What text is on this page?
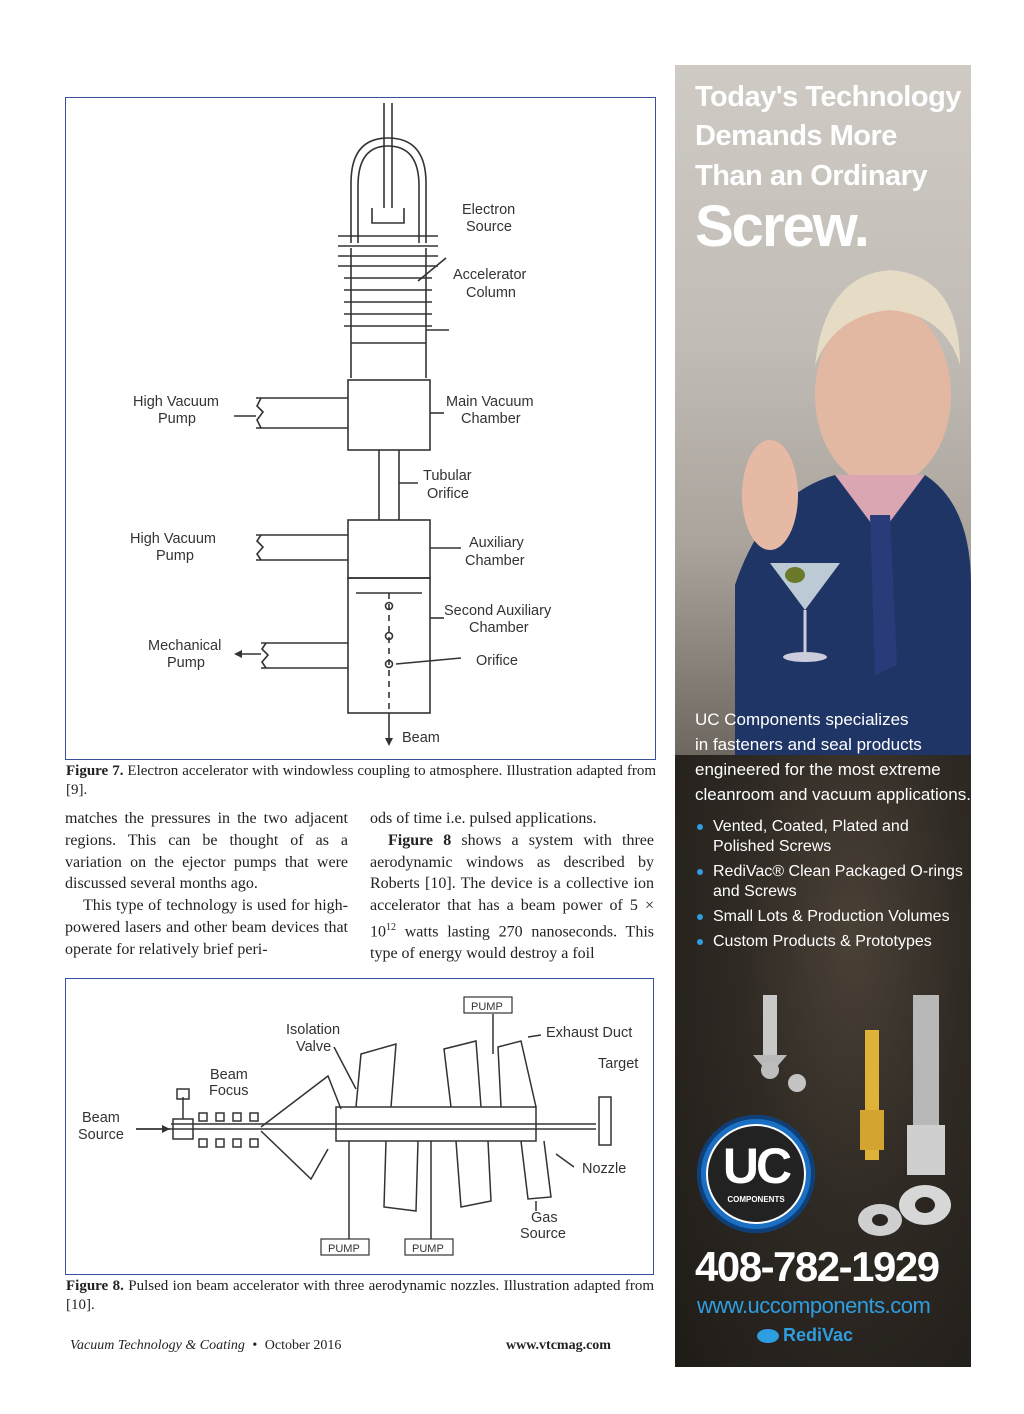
Electron
Source
Accelerator
Column
High Vacuum
Pump
Main Vacuum
Chamber
Tubular
Orifice
High Vacuum
Pump
Auxiliary
Chamber
Second Auxiliary
Chamber
Mechanical
Pump	Orifice
Beam
Figure 7. Electron accelerator with windowless coupling to atmosphere. Illustration adapted from [9].

matches the pressures in the two adjacent regions. This can be thought of as a variation on the ejector pumps that were discussed several months ago.

This type of technology is used for high-powered lasers and other beam devices that operate for relatively brief peri-

ods of time i.e. pulsed applications.

Figure 8 shows a system with three aerodynamic windows as described by Roberts [10]. The device is a collective ion accelerator that has a beam power of $5 \times 10^{12}$ watts lasting 270 nanoseconds. This type of energy would destroy a foil

PUMP
PUMP	PUMP
Isolation
Valve
Exhaust Duct
Beam
Focus
Target
Beam
Source
Nozzle
Gas
Source
Figure 8. Pulsed ion beam accelerator with three aerodynamic nozzles. Illustration adapted from [10].
Today's Technology
Demands More
Than an Ordinary
Screw.
UC Components specializes
in fasteners and seal products
engineered for the most extreme
cleanroom and vacuum applications.
Vented, Coated, Plated and Polished Screws
RediVac® Clean Packaged O-rings and Screws
Small Lots & Production Volumes
Custom Products & Prototypes
UC
COMPONENTS
408-782-1929
www.uccomponents.com
RediVac
Vacuum Technology & Coating • October 2016	www.vtcmag.com	17
